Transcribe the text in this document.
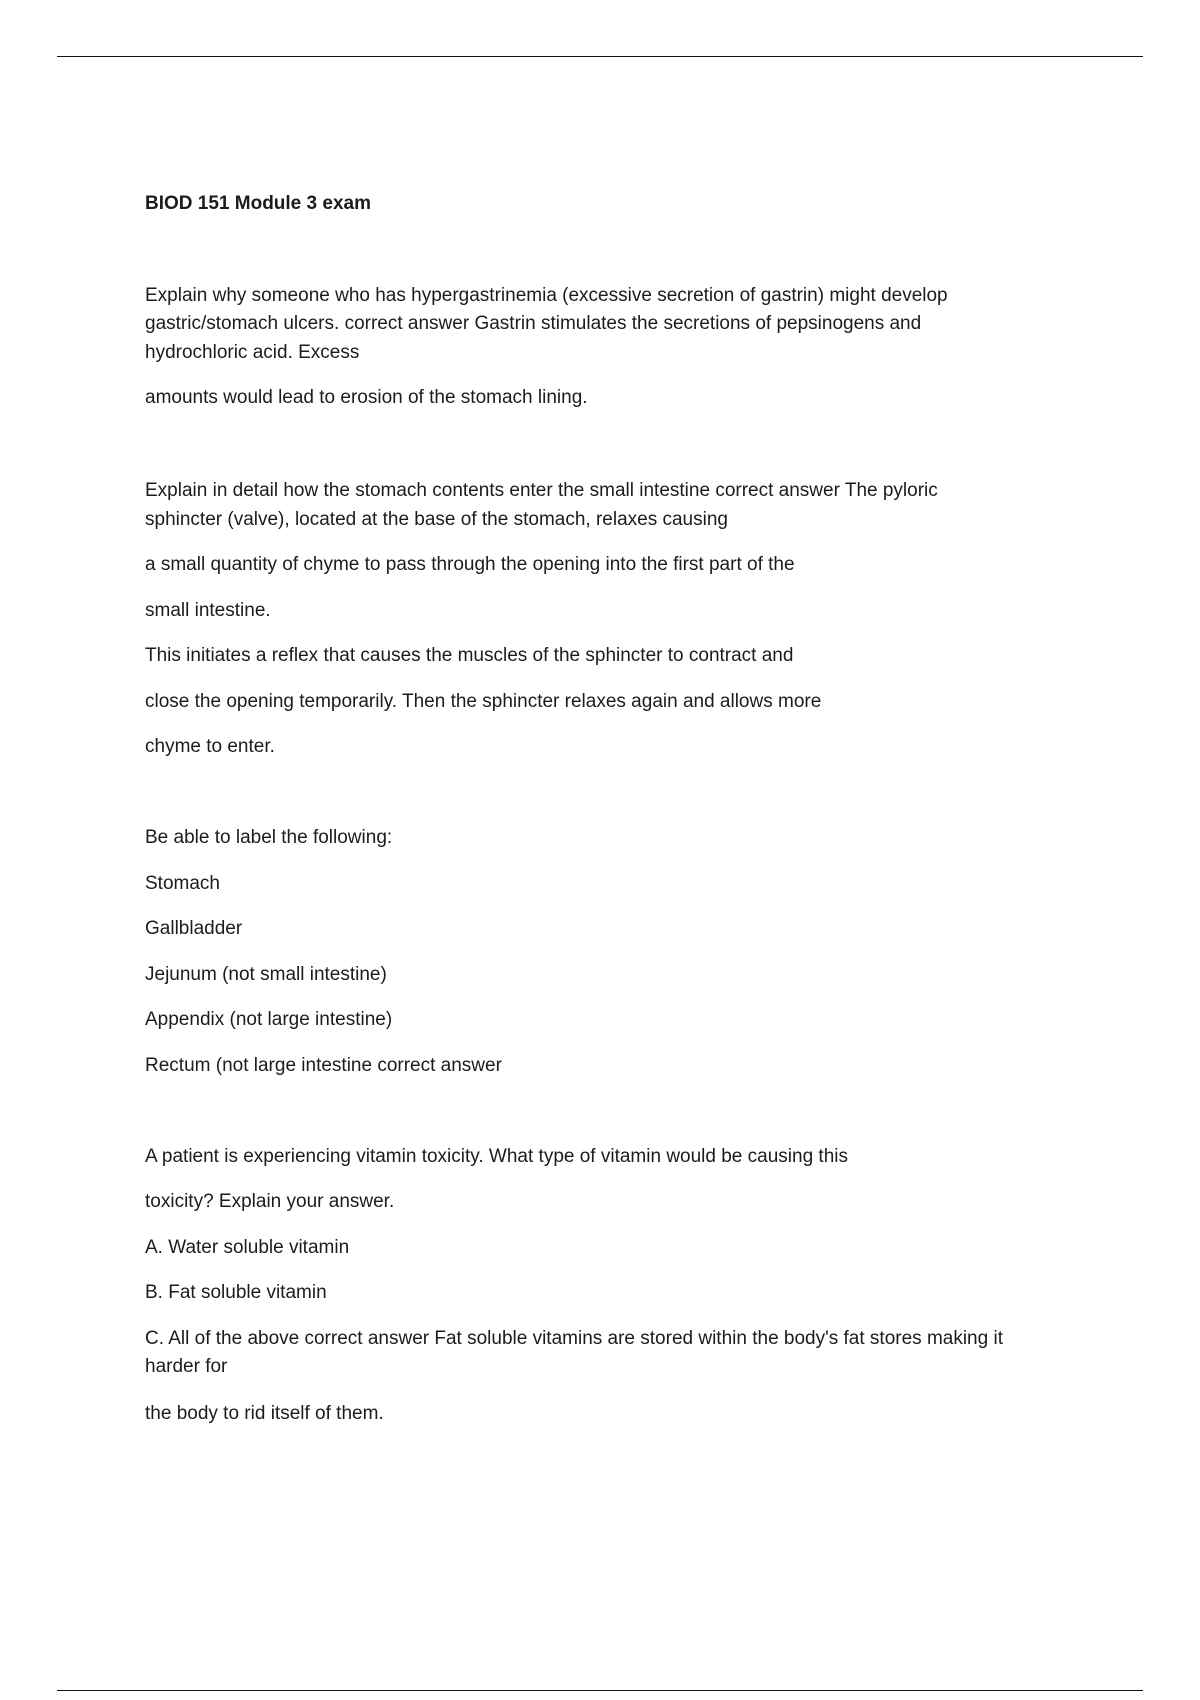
BIOD 151 Module 3 exam
Explain why someone who has hypergastrinemia (excessive secretion of gastrin) might develop
gastric/stomach ulcers. correct answer Gastrin stimulates the secretions of pepsinogens and
hydrochloric acid. Excess
amounts would lead to erosion of the stomach lining.
Explain in detail how the stomach contents enter the small intestine correct answer The pyloric
sphincter (valve), located at the base of the stomach, relaxes causing
a small quantity of chyme to pass through the opening into the first part of the
small intestine.
This initiates a reflex that causes the muscles of the sphincter to contract and
close the opening temporarily. Then the sphincter relaxes again and allows more
chyme to enter.
Be able to label the following:
Stomach
Gallbladder
Jejunum (not small intestine)
Appendix (not large intestine)
Rectum (not large intestine correct answer
A patient is experiencing vitamin toxicity. What type of vitamin would be causing this
toxicity? Explain your answer.
A. Water soluble vitamin
B. Fat soluble vitamin
C. All of the above correct answer Fat soluble vitamins are stored within the body's fat stores making it
harder for
the body to rid itself of them.
